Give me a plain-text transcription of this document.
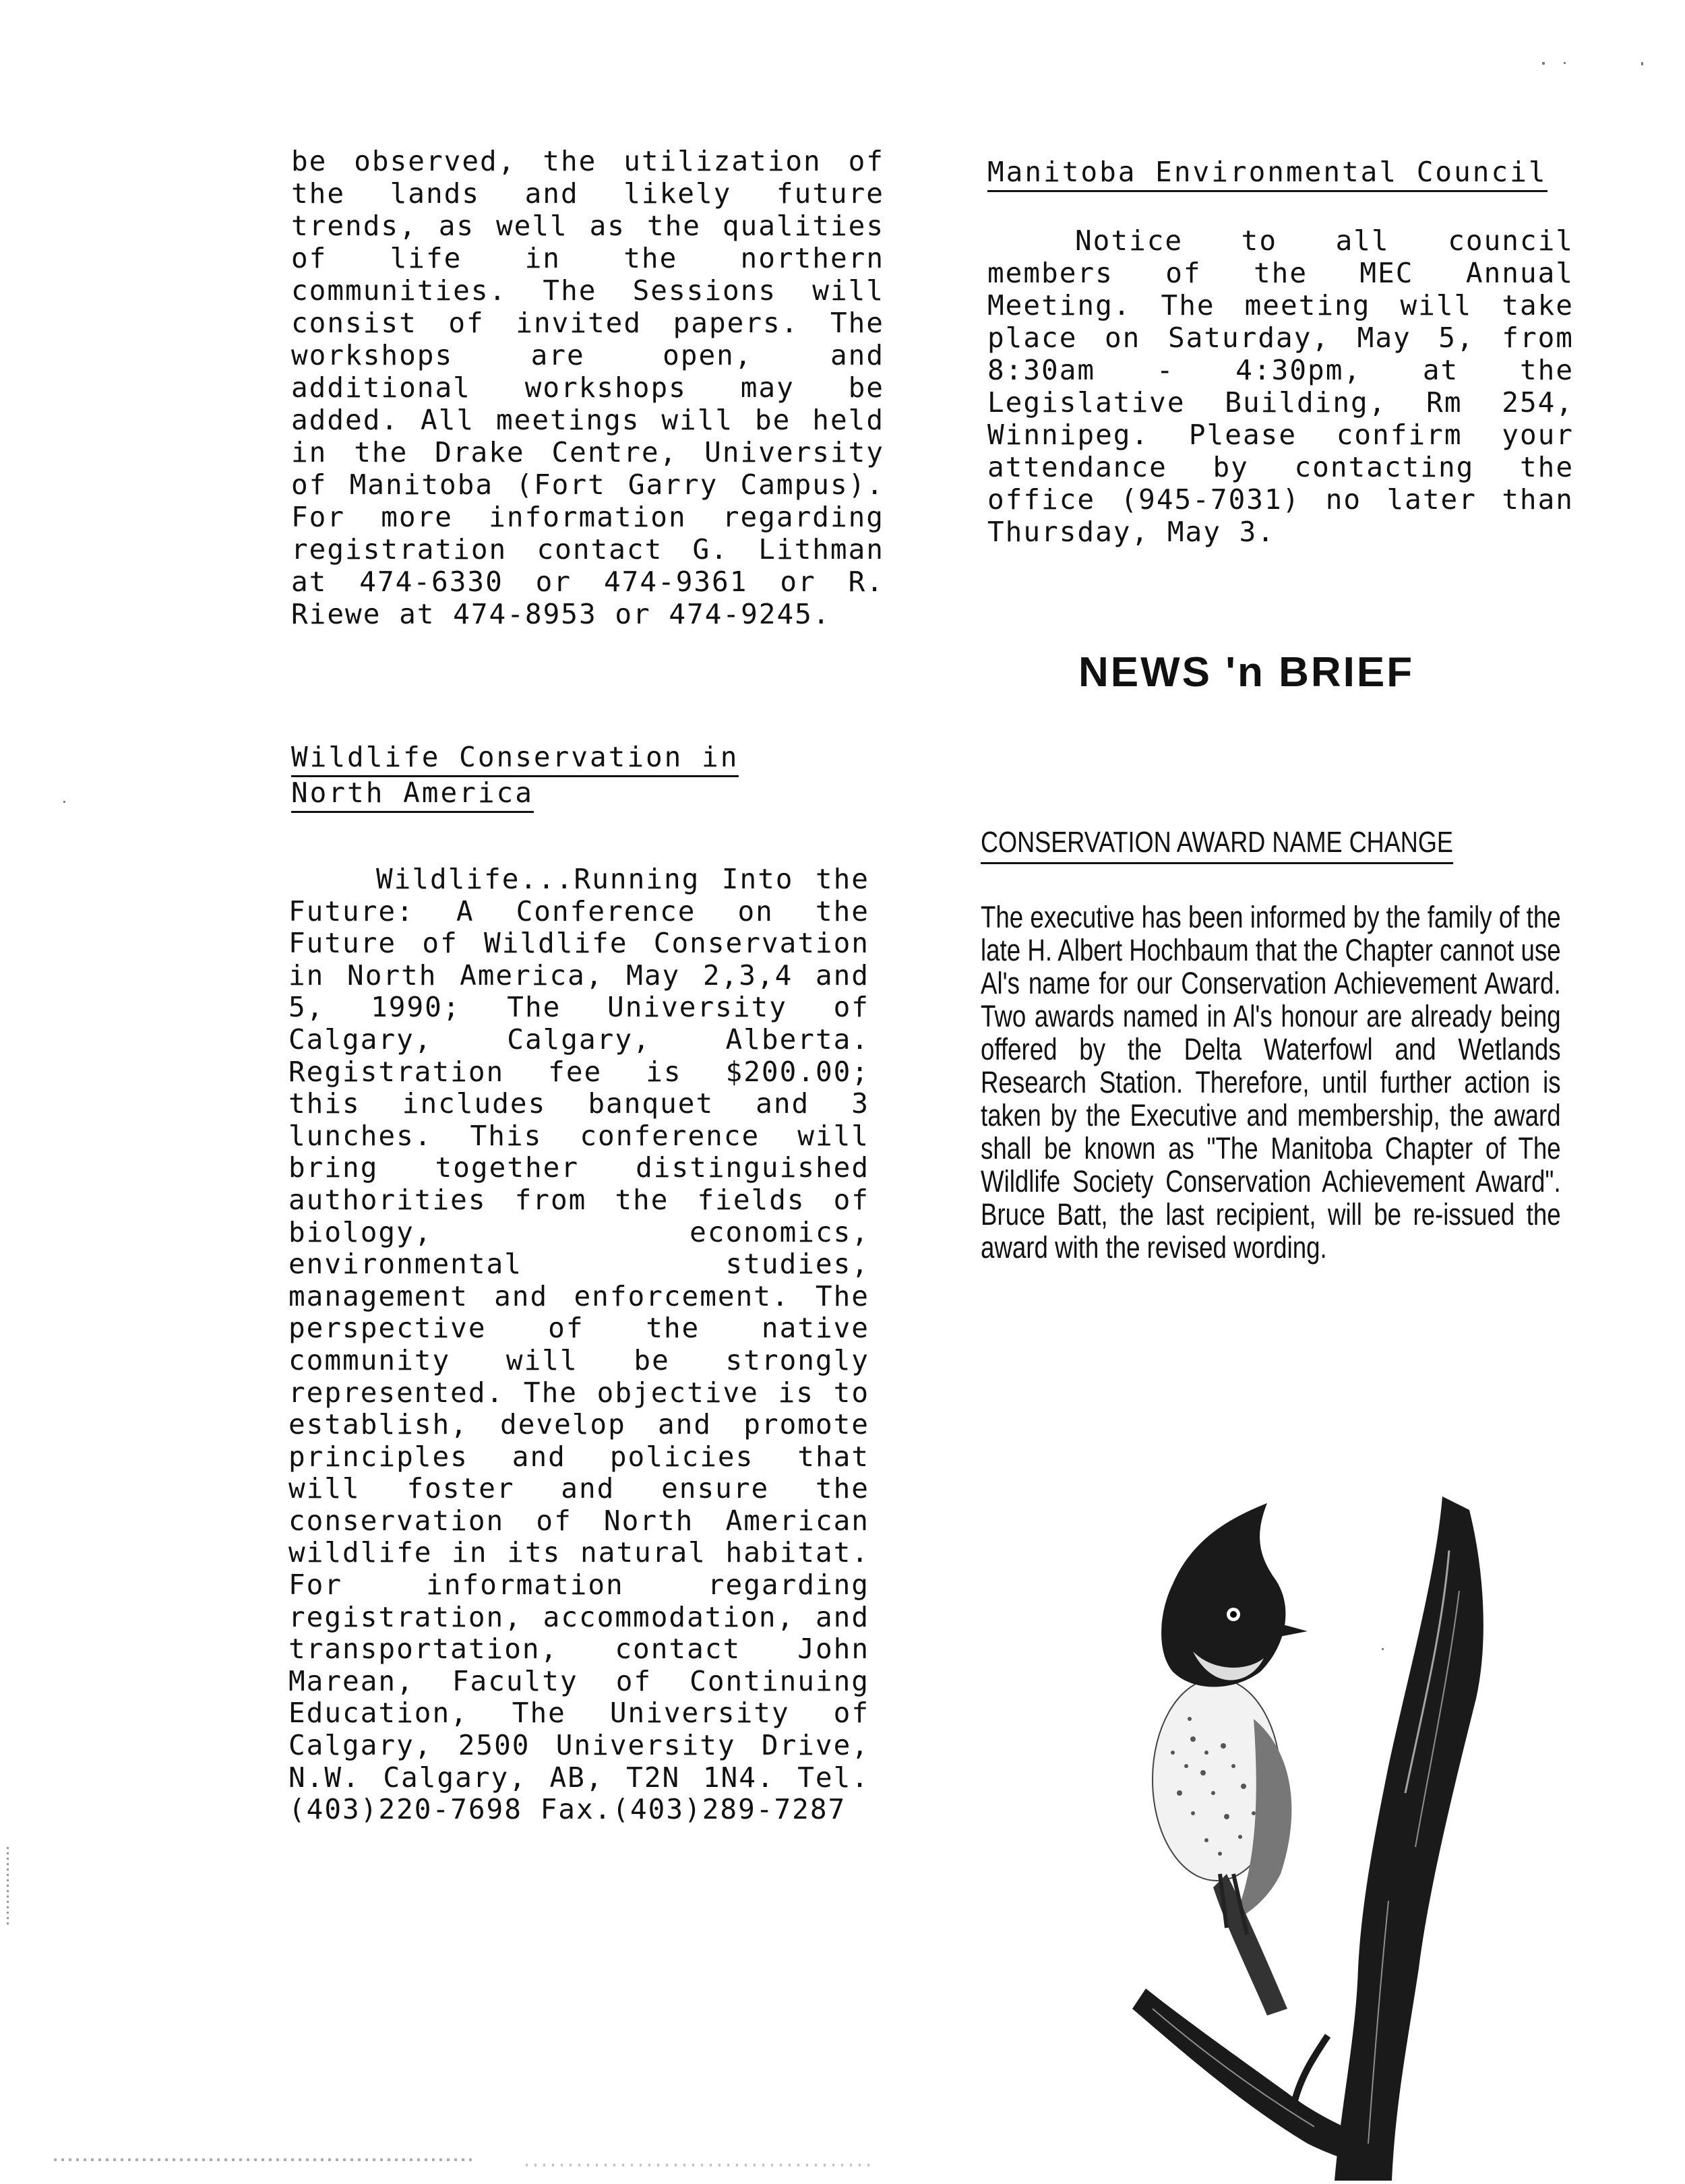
be observed, the utilization of the lands and likely future trends, as well as the qualities of life in the northern communities. The Sessions will consist of invited papers. The workshops are open, and additional workshops may be added. All meetings will be held in the Drake Centre, University of Manitoba (Fort Garry Campus). For more information regarding registration contact G. Lithman at 474-6330 or 474-9361 or R. Riewe at 474-8953 or 474-9245.

Wildlife Conservation in
North America

Wildlife...Running Into the Future: A Conference on the Future of Wildlife Conservation in North America, May 2,3,4 and 5, 1990; The University of Calgary, Calgary, Alberta. Registration fee is $200.00; this includes banquet and 3 lunches. This conference will bring together distinguished authorities from the fields of biology, economics, environmental studies, management and enforcement. The perspective of the native community will be strongly represented. The objective is to establish, develop and promote principles and policies that will foster and ensure the conservation of North American wildlife in its natural habitat. For information regarding registration, accommodation, and transportation, contact John Marean, Faculty of Continuing Education, The University of Calgary, 2500 University Drive, N.W. Calgary, AB, T2N 1N4. Tel. (403)220-7698 Fax.(403)289-7287

Manitoba Environmental Council

Notice to all council members of the MEC Annual Meeting. The meeting will take place on Saturday, May 5, from 8:30am - 4:30pm, at the Legislative Building, Rm 254, Winnipeg. Please confirm your attendance by contacting the office (945-7031) no later than Thursday, May 3.

NEWS 'n BRIEF
CONSERVATION AWARD NAME CHANGE

The executive has been informed by the family of the late H. Albert Hochbaum that the Chapter cannot use Al's name for our Conservation Achievement Award. Two awards named in Al's honour are already being offered by the Delta Waterfowl and Wetlands Research Station. Therefore, until further action is taken by the Executive and membership, the award shall be known as "The Manitoba Chapter of The Wildlife Society Conservation Achievement Award". Bruce Batt, the last recipient, will be re-issued the award with the revised wording.
